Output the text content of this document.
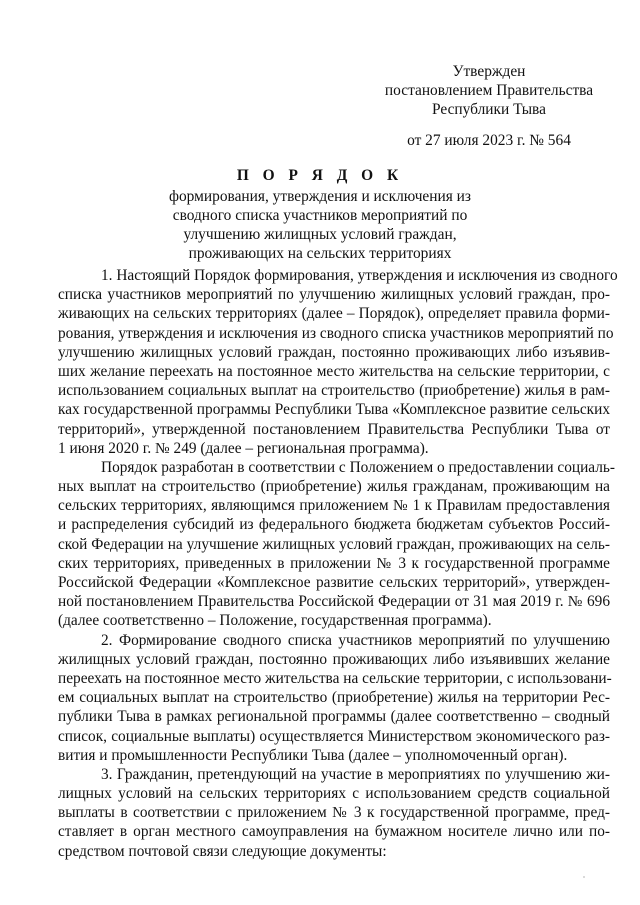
Утвержден
постановлением Правительства
Республики Тыва
от 27 июля 2023 г. № 564
П О Р Я Д О К
формирования, утверждения и исключения из
сводного списка участников мероприятий по
улучшению жилищных условий граждан,
проживающих на сельских территориях
1. Настоящий Порядок формирования, утверждения и исключения из сводного
списка участников мероприятий по улучшению жилищных условий граждан, про-
живающих на сельских территориях (далее – Порядок), определяет правила форми-
рования, утверждения и исключения из сводного списка участников мероприятий по
улучшению жилищных условий граждан, постоянно проживающих либо изъявив-
ших желание переехать на постоянное место жительства на сельские территории, с
использованием социальных выплат на строительство (приобретение) жилья в рам-
ках государственной программы Республики Тыва «Комплексное развитие сельских
территорий», утвержденной постановлением Правительства Республики Тыва от
1 июня 2020 г. № 249 (далее – региональная программа).
Порядок разработан в соответствии с Положением о предоставлении социаль-
ных выплат на строительство (приобретение) жилья гражданам, проживающим на
сельских территориях, являющимся приложением № 1 к Правилам предоставления
и распределения субсидий из федерального бюджета бюджетам субъектов Россий-
ской Федерации на улучшение жилищных условий граждан, проживающих на сель-
ских территориях, приведенных в приложении № 3 к государственной программе
Российской Федерации «Комплексное развитие сельских территорий», утвержден-
ной постановлением Правительства Российской Федерации от 31 мая 2019 г. № 696
(далее соответственно – Положение, государственная программа).
2. Формирование сводного списка участников мероприятий по улучшению
жилищных условий граждан, постоянно проживающих либо изъявивших желание
переехать на постоянное место жительства на сельские территории, с использовани-
ем социальных выплат на строительство (приобретение) жилья на территории Рес-
публики Тыва в рамках региональной программы (далее соответственно – сводный
список, социальные выплаты) осуществляется Министерством экономического раз-
вития и промышленности Республики Тыва (далее – уполномоченный орган).
3. Гражданин, претендующий на участие в мероприятиях по улучшению жи-
лищных условий на сельских территориях с использованием средств социальной
выплаты в соответствии с приложением № 3 к государственной программе, пред-
ставляет в орган местного самоуправления на бумажном носителе лично или по-
средством почтовой связи следующие документы:
